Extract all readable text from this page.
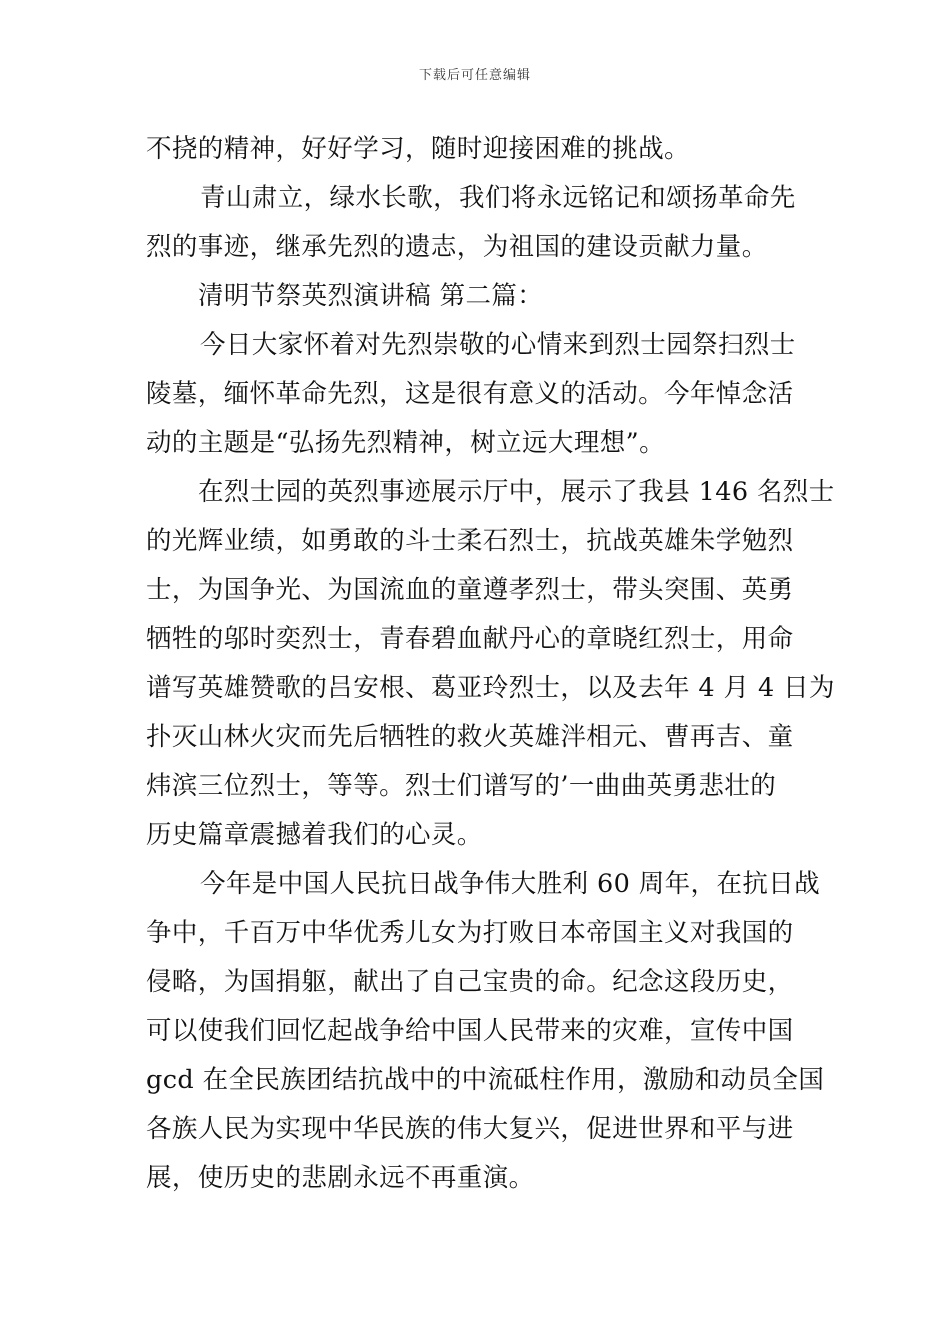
下载后可任意编辑
不挠的精神，好好学习，随时迎接困难的挑战。
青山肃立，绿水长歌，我们将永远铭记和颂扬革命先
烈的事迹，继承先烈的遗志，为祖国的建设贡献力量。
清明节祭英烈演讲稿 第二篇：
今日大家怀着对先烈崇敬的心情来到烈士园祭扫烈士
陵墓，缅怀革命先烈，这是很有意义的活动。今年悼念活
动的主题是“弘扬先烈精神，树立远大理想”。
在烈士园的英烈事迹展示厅中，展示了我县 146 名烈士
的光辉业绩，如勇敢的斗士柔石烈士，抗战英雄朱学勉烈
士，为国争光、为国流血的童遵孝烈士，带头突围、英勇
牺牲的邬时奕烈士，青春碧血献丹心的章晓红烈士，用命
谱写英雄赞歌的吕安根、葛亚玲烈士，以及去年 4 月 4 日为
扑灭山林火灾而先后牺牲的救火英雄泮相元、曹再吉、童
炜滨三位烈士，等等。烈士们谱写的’一曲曲英勇悲壮的
历史篇章震撼着我们的心灵。
今年是中国人民抗日战争伟大胜利 60 周年，在抗日战
争中，千百万中华优秀儿女为打败日本帝国主义对我国的
侵略，为国捐躯，献出了自己宝贵的命。纪念这段历史，
可以使我们回忆起战争给中国人民带来的灾难，宣传中国
gcd 在全民族团结抗战中的中流砥柱作用，激励和动员全国
各族人民为实现中华民族的伟大复兴，促进世界和平与进
展，使历史的悲剧永远不再重演。
